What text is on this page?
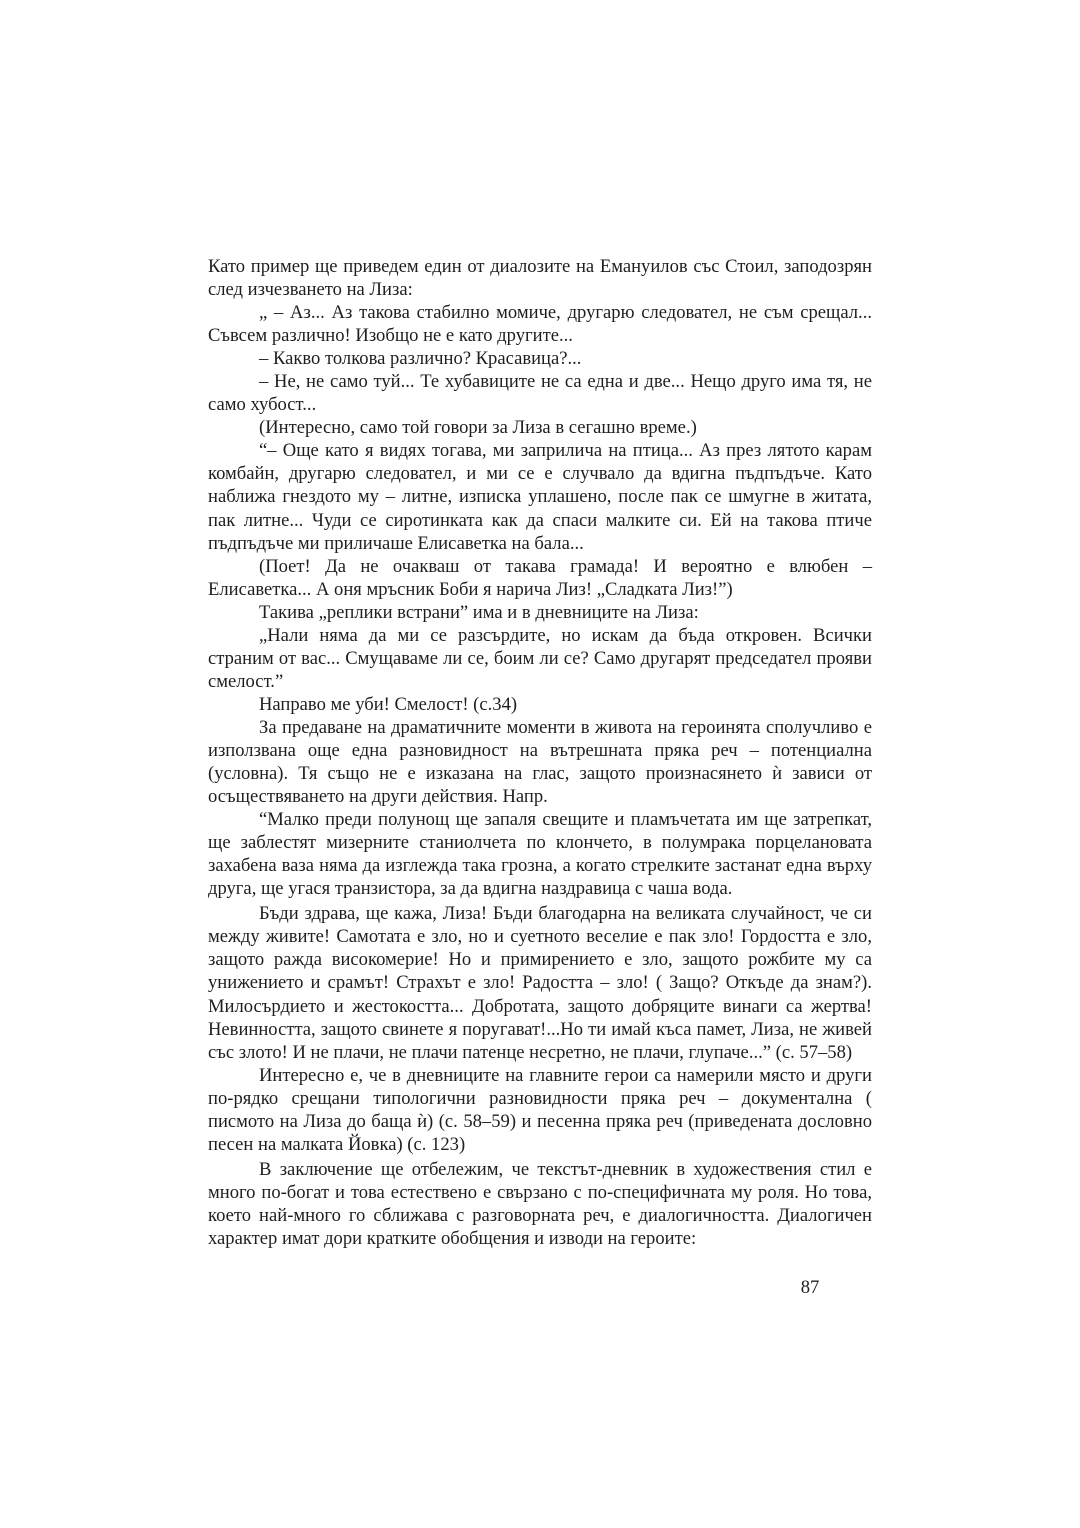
Като пример ще приведем един от диалозите на Емануилов със Стоил, заподозрян след изчезването на Лиза:

„ – Аз... Аз такова стабилно момиче, другарю следовател, не съм срещал... Съвсем различно! Изобщо не е като другите...

– Какво толкова различно? Красавица?...

– Не, не само туй... Те хубавиците не са една и две... Нещо друго има тя, не само хубост...

(Интересно, само той говори за Лиза в сегашно време.)

“– Още като я видях тогава, ми заприлича на птица... Аз през лятото карам комбайн, другарю следовател, и ми се е случвало да вдигна пъдпъдъче. Като наближа гнездото му – литне, изписка уплашено, после пак се шмугне в житата, пак литне... Чуди се сиротинката как да спаси малките си. Ей на такова птиче пъдпъдъче ми приличаше Елисаветка на бала...

(Поет! Да не очакваш от такава грамада! И вероятно е влюбен – Елисаветка... А оня мръсник Боби я нарича Лиз! „Сладката Лиз!”)

Такива „реплики встрани” има и в дневниците на Лиза:

„Нали няма да ми се разсърдите, но искам да бъда откровен. Всички страним от вас... Смущаваме ли се, боим ли се? Само другарят председател прояви смелост.”

Направо ме уби! Смелост! (с.34)

За предаване на драматичните моменти в живота на героинята сполучливо е използвана още една разновидност на вътрешната пряка реч – потенциална (условна). Тя също не е изказана на глас, защото произнасянето ѝ зависи от осъществяването на други действия. Напр.

“Малко преди полунощ ще запаля свещите и пламъчетата им ще затрепкат, ще заблестят мизерните станиолчета по клончето, в полумрака порцелановата захабена ваза няма да изглежда така грозна, а когато стрелките застанат една върху друга, ще угася транзистора, за да вдигна наздравица с чаша вода.

Бъди здрава, ще кажа, Лиза! Бъди благодарна на великата случайност, че си между живите! Самотата е зло, но и суетното веселие е пак зло! Гордостта е зло, защото ражда високомерие! Но и примирението е зло, защото рожбите му са унижението и срамът! Страхът е зло! Радостта – зло! ( Защо? Откъде да знам?). Милосърдието и жестокостта... Добротата, защото добряците винаги са жертва! Невинността, защото свинете я поругават!...Но ти имай къса памет, Лиза, не живей със злото! И не плачи, не плачи патенце несретно, не плачи, глупаче...” (с. 57–58)

Интересно е, че в дневниците на главните герои са намерили място и други по-рядко срещани типологични разновидности пряка реч – документална ( писмото на Лиза до баща ѝ) (с. 58–59) и песенна пряка реч (приведената дословно песен на малката Йовка) (с. 123)

В заключение ще отбележим, че текстът-дневник в художествения стил е много по-богат и това естествено е свързано с по-специфичната му роля. Но това, което най-много го сближава с разговорната реч, е диалогичността. Диалогичен характер имат дори кратките обобщения и изводи на героите:

87
